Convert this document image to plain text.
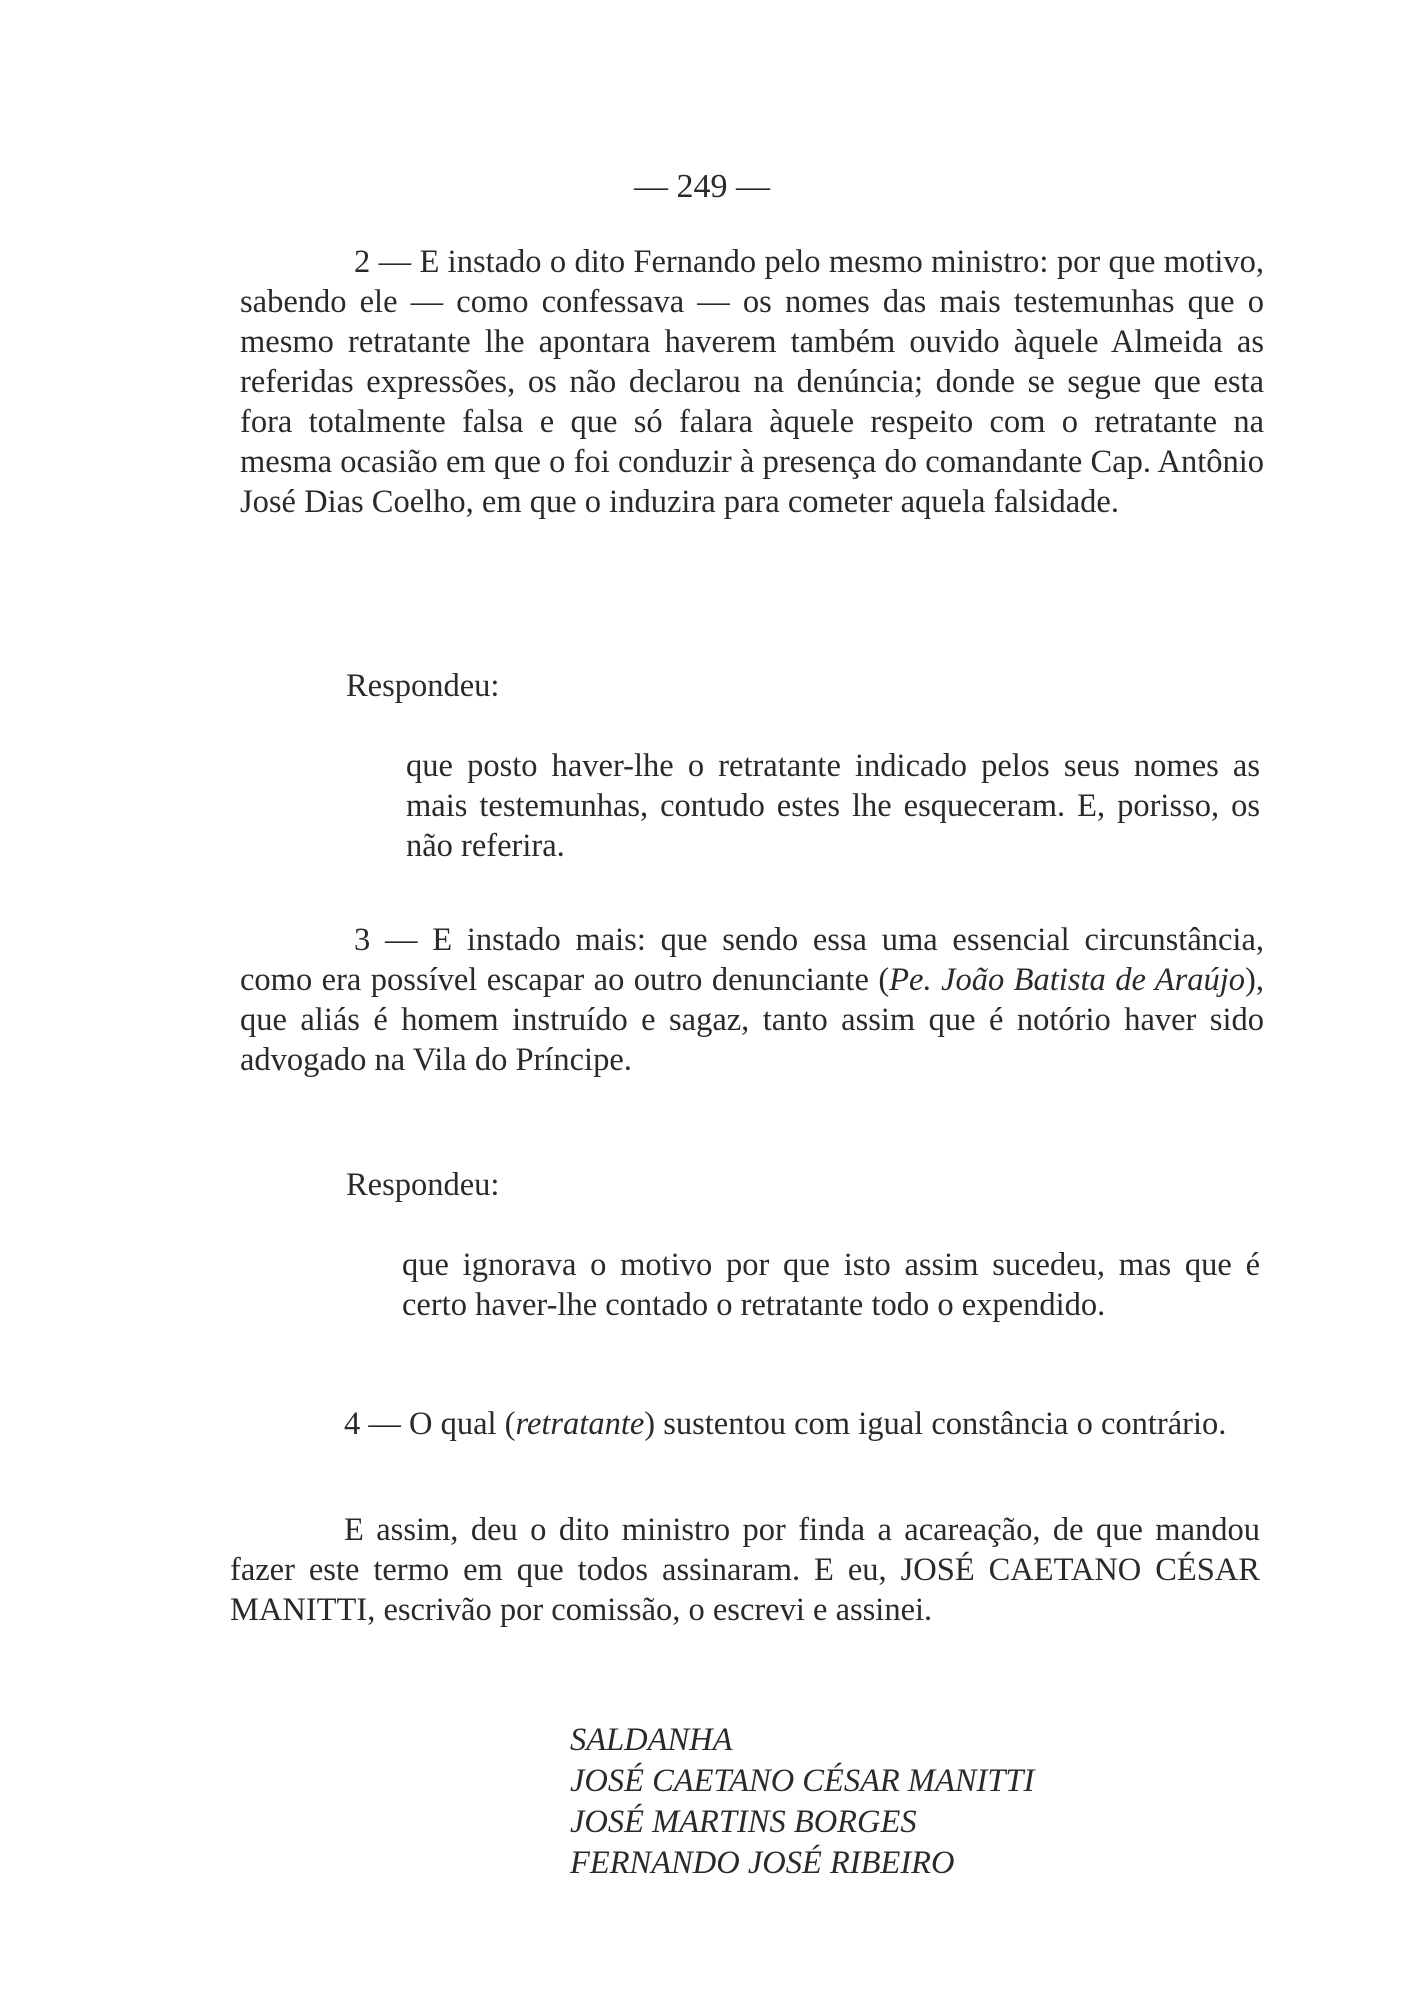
— 249 —

2 — E instado o dito Fernando pelo mesmo ministro: por que motivo, sabendo ele — como confessava — os nomes das mais testemunhas que o mesmo retratante lhe apontara haverem também ouvido àquele Almeida as referidas expressões, os não declarou na denúncia; donde se segue que esta fora totalmente falsa e que só falara àquele respeito com o retratante na mesma ocasião em que o foi conduzir à presença do comandante Cap. Antônio José Dias Coelho, em que o induzira para cometer aquela falsidade.

Respondeu:

que posto haver-lhe o retratante indicado pelos seus nomes as mais testemunhas, contudo estes lhe esqueceram. E, porisso, os não referira.

3 — E instado mais: que sendo essa uma essencial circunstância, como era possível escapar ao outro denunciante (Pe. João Batista de Araújo), que aliás é homem instruído e sagaz, tanto assim que é notório haver sido advogado na Vila do Príncipe.

Respondeu:

que ignorava o motivo por que isto assim sucedeu, mas que é certo haver-lhe contado o retratante todo o expendido.

4 — O qual (retratante) sustentou com igual constância o contrário.

E assim, deu o dito ministro por finda a acareação, de que mandou fazer este termo em que todos assinaram. E eu, JOSÉ CAETANO CÉSAR MANITTI, escrivão por comissão, o escrevi e assinei.

SALDANHA
JOSÉ CAETANO CÉSAR MANITTI
JOSÉ MARTINS BORGES
FERNANDO JOSÉ RIBEIRO
